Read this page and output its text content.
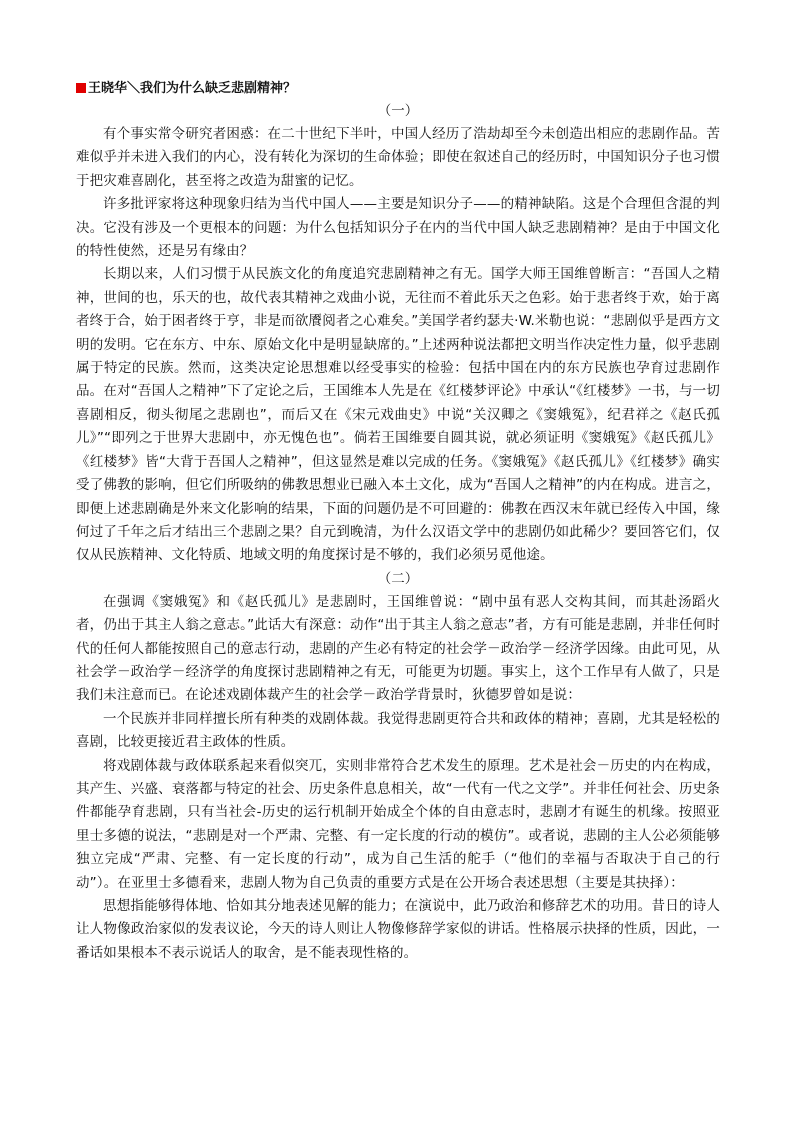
王晓华＼我们为什么缺乏悲剧精神？

（一）

有个事实常令研究者困惑：在二十世纪下半叶，中国人经历了浩劫却至今未创造出相应的悲剧作品。苦难似乎并未进入我们的内心，没有转化为深切的生命体验；即使在叙述自己的经历时，中国知识分子也习惯于把灾难喜剧化，甚至将之改造为甜蜜的记忆。

许多批评家将这种现象归结为当代中国人——主要是知识分子——的精神缺陷。这是个合理但含混的判决。它没有涉及一个更根本的问题：为什么包括知识分子在内的当代中国人缺乏悲剧精神？是由于中国文化的特性使然，还是另有缘由？

长期以来，人们习惯于从民族文化的角度追究悲剧精神之有无。国学大师王国维曾断言：“吾国人之精神，世间的也，乐天的也，故代表其精神之戏曲小说，无往而不着此乐天之色彩。始于悲者终于欢，始于离者终于合，始于困者终于亨，非是而欲餍阅者之心难矣。”美国学者约瑟夫·W.米勒也说：“悲剧似乎是西方文明的发明。它在东方、中东、原始文化中是明显缺席的。”上述两种说法都把文明当作决定性力量，似乎悲剧属于特定的民族。然而，这类决定论思想难以经受事实的检验：包括中国在内的东方民族也孕育过悲剧作品。在对“吾国人之精神”下了定论之后，王国维本人先是在《红楼梦评论》中承认“《红楼梦》一书，与一切喜剧相反，彻头彻尾之悲剧也”，而后又在《宋元戏曲史》中说“关汉卿之《窦娥冤》，纪君祥之《赵氏孤儿》”“即列之于世界大悲剧中，亦无愧色也”。倘若王国维要自圆其说，就必须证明《窦娥冤》《赵氏孤儿》《红楼梦》皆“大背于吾国人之精神”，但这显然是难以完成的任务。《窦娥冤》《赵氏孤儿》《红楼梦》确实受了佛教的影响，但它们所吸纳的佛教思想业已融入本土文化，成为“吾国人之精神”的内在构成。进言之，即便上述悲剧确是外来文化影响的结果，下面的问题仍是不可回避的：佛教在西汉末年就已经传入中国，缘何过了千年之后才结出三个悲剧之果？自元到晚清，为什么汉语文学中的悲剧仍如此稀少？要回答它们，仅仅从民族精神、文化特质、地域文明的角度探讨是不够的，我们必须另觅他途。

（二）

在强调《窦娥冤》和《赵氏孤儿》是悲剧时，王国维曾说：“剧中虽有恶人交构其间，而其赴汤蹈火者，仍出于其主人翁之意志。”此话大有深意：动作“出于其主人翁之意志”者，方有可能是悲剧，并非任何时代的任何人都能按照自己的意志行动，悲剧的产生必有特定的社会学－政治学－经济学因缘。由此可见，从社会学－政治学－经济学的角度探讨悲剧精神之有无，可能更为切题。事实上，这个工作早有人做了，只是我们未注意而已。在论述戏剧体裁产生的社会学－政治学背景时，狄德罗曾如是说：

一个民族并非同样擅长所有种类的戏剧体裁。我觉得悲剧更符合共和政体的精神；喜剧，尤其是轻松的喜剧，比较更接近君主政体的性质。

将戏剧体裁与政体联系起来看似突兀，实则非常符合艺术发生的原理。艺术是社会－历史的内在构成，其产生、兴盛、衰落都与特定的社会、历史条件息息相关，故“一代有一代之文学”。并非任何社会、历史条件都能孕育悲剧，只有当社会-历史的运行机制开始成全个体的自由意志时，悲剧才有诞生的机缘。按照亚里士多德的说法，“悲剧是对一个严肃、完整、有一定长度的行动的模仿”。或者说，悲剧的主人公必须能够独立完成“严肃、完整、有一定长度的行动”，成为自己生活的舵手（“他们的幸福与否取决于自己的行动”）。在亚里士多德看来，悲剧人物为自己负责的重要方式是在公开场合表述思想（主要是其抉择）：

思想指能够得体地、恰如其分地表述见解的能力；在演说中，此乃政治和修辞艺术的功用。昔日的诗人让人物像政治家似的发表议论，今天的诗人则让人物像修辞学家似的讲话。性格展示抉择的性质，因此，一番话如果根本不表示说话人的取舍，是不能表现性格的。
